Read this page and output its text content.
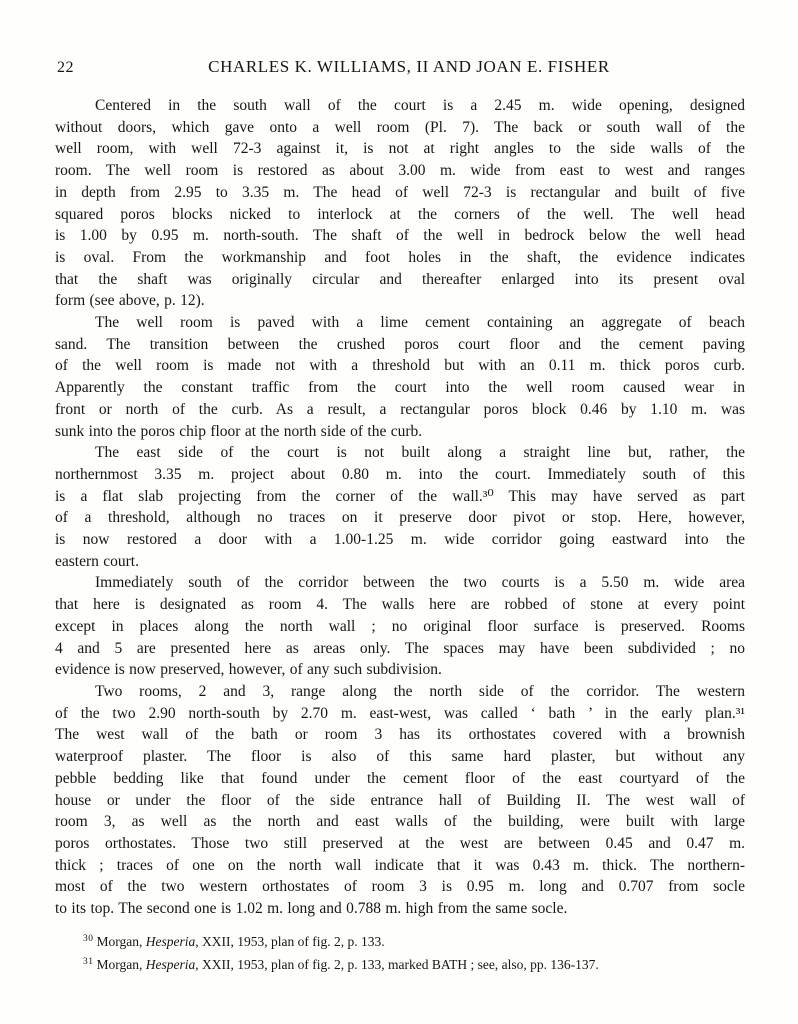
22	CHARLES K. WILLIAMS, II AND JOAN E. FISHER
Centered in the south wall of the court is a 2.45 m. wide opening, designed
without doors, which gave onto a well room (Pl. 7). The back or south wall of the
well room, with well 72-3 against it, is not at right angles to the side walls of the
room. The well room is restored as about 3.00 m. wide from east to west and ranges
in depth from 2.95 to 3.35 m. The head of well 72-3 is rectangular and built of five
squared poros blocks nicked to interlock at the corners of the well. The well head
is 1.00 by 0.95 m. north-south. The shaft of the well in bedrock below the well head
is oval. From the workmanship and foot holes in the shaft, the evidence indicates
that the shaft was originally circular and thereafter enlarged into its present oval
form (see above, p. 12).
The well room is paved with a lime cement containing an aggregate of beach
sand. The transition between the crushed poros court floor and the cement paving
of the well room is made not with a threshold but with an 0.11 m. thick poros curb.
Apparently the constant traffic from the court into the well room caused wear in
front or north of the curb. As a result, a rectangular poros block 0.46 by 1.10 m. was
sunk into the poros chip floor at the north side of the curb.
The east side of the court is not built along a straight line but, rather, the
northernmost 3.35 m. project about 0.80 m. into the court. Immediately south of this
is a flat slab projecting from the corner of the wall.³⁰ This may have served as part
of a threshold, although no traces on it preserve door pivot or stop. Here, however,
is now restored a door with a 1.00-1.25 m. wide corridor going eastward into the
eastern court.
Immediately south of the corridor between the two courts is a 5.50 m. wide area
that here is designated as room 4. The walls here are robbed of stone at every point
except in places along the north wall ; no original floor surface is preserved. Rooms
4 and 5 are presented here as areas only. The spaces may have been subdivided ; no
evidence is now preserved, however, of any such subdivision.
Two rooms, 2 and 3, range along the north side of the corridor. The western
of the two 2.90 north-south by 2.70 m. east-west, was called ‘ bath ’ in the early plan.³¹
The west wall of the bath or room 3 has its orthostates covered with a brownish
waterproof plaster. The floor is also of this same hard plaster, but without any
pebble bedding like that found under the cement floor of the east courtyard of the
house or under the floor of the side entrance hall of Building II. The west wall of
room 3, as well as the north and east walls of the building, were built with large
poros orthostates. Those two still preserved at the west are between 0.45 and 0.47 m.
thick ; traces of one on the north wall indicate that it was 0.43 m. thick. The northern-
most of the two western orthostates of room 3 is 0.95 m. long and 0.707 from socle
to its top. The second one is 1.02 m. long and 0.788 m. high from the same socle.
$^{30}$ Morgan, Hesperia, XXII, 1953, plan of fig. 2, p. 133.
$^{31}$ Morgan, Hesperia, XXII, 1953, plan of fig. 2, p. 133, marked BATH ; see, also, pp. 136-137.
